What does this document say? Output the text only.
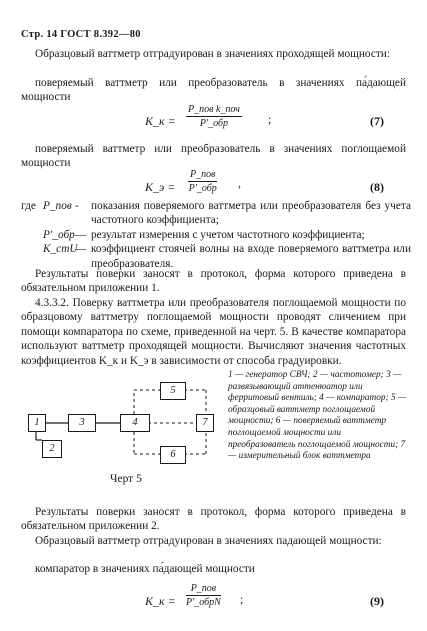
Стр. 14 ГОСТ 8.392—80

Образцовый ваттметр отградуирован в значениях проходящей мощности:

поверяемый ваттметр или преобразователь в значениях па́дающей мощности

K_к =
P_пов k_поч
P'_обр	;	(7)

поверяемый ваттметр или преобразователь в значениях поглощаемой мощности

K_э =
P_пов
P'_обр ,	(8)
где P_пов -	показания поверяемого ваттметра или преобразователя без учета частотного коэффициента;
P'_обр — результат измерения с учетом частотного коэффициента;
K_стU
— коэффициент стоячей волны на входе поверяемого ваттметра или преобразователя.

Результаты поверки заносят в протокол, форма которого приведена в обязательном приложении 1.

4.3.3.2. Поверку ваттметра или преобразователя поглощаемой мощности по образцовому ваттметру поглощаемой мощности проводят сличением при помощи компаратора по схеме, приведенной на черт. 5. В качестве компаратора используют ваттметр проходящей мощности. Вычисляют значения частотных коэффициентов K_к и K_э в зависимости от способа градуировки.

1	3	4	7
2
5
6
1 — генератор СВЧ; 2 — частотомер; 3 — развязывающий аттенюатор или ферритовый вентиль; 4 — компаратор; 5 — образцовый ваттметр поглощаемой мощности; 6 — поверяемый ваттметр поглощаемой мощности или преобразователь поглощаемой мощности; 7 — измерительный блок ваттметра
Черт 5

Результаты поверки заносят в протокол, форма которого приведена в обязательном приложении 2.

Образцовый ваттметр отградуирован в значениях падающей мощности:

компаратор в значениях па́дающей мощности

K_к =
P_пов
P'_обрN ;	(9)
